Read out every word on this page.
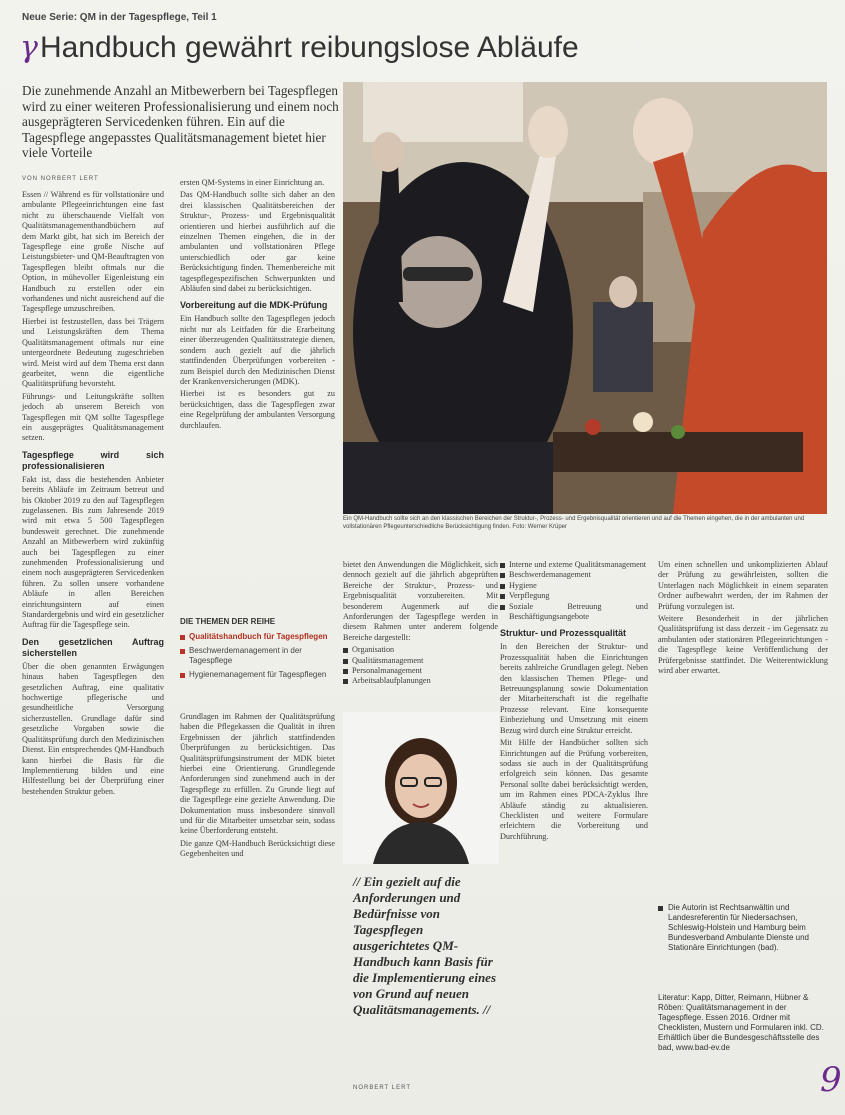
Neue Serie: QM in der Tagespflege, Teil 1
γHandbuch gewährt reibungslose Abläufe
Die zunehmende Anzahl an Mitbewerbern bei Tagespflegen wird zu einer weiteren Professionalisierung und einem noch ausgeprägteren Servicedenken führen. Ein auf die Tagespflege angepasstes Qualitätsmanagement bietet hier viele Vorteile
VON NORBERT LERT
Ein QM-Handbuch sollte sich an den klassischen Bereichen der Struktur-, Prozess- und Ergebnisqualität orientieren und auf die Themen eingehen, die in der ambulanten und vollstationären Pflegeunterschiedliche Berücksichtigung finden. Foto: Werner Krüper

Essen // Während es für vollstationäre und ambulante Pflegeeinrichtungen eine fast nicht zu überschauende Vielfalt von Qualitätsmanagementhandbüchern auf dem Markt gibt, hat sich im Bereich der Tagespflege eine große Nische auf Leistungsbieter- und QM-Beauftragten von Tagespflegen bleibt oftmals nur die Option, in mühevoller Eigenleistung ein Handbuch zu erstellen oder ein vorhandenes und nicht ausreichend auf die Tagespflege umzuschreiben.

Hierbei ist festzustellen, dass bei Trägern und Leistungskräften dem Thema Qualitätsmanagement oftmals nur eine untergeordnete Bedeutung zugeschrieben wird. Meist wird auf dem Thema erst dann gearbeitet, wenn die eigentliche Qualitätsprüfung bevorsteht.

Führungs- und Leitungskräfte sollten jedoch ab unserem Bereich von Tagespflegen mit QM sollte Tagespflege ein ausgeprägtes Qualitätsmanagement setzen.

Tagespflege wird sich professionalisieren

Fakt ist, dass die bestehenden Anbieter bereits Abläufe im Zeitraum betreut und bis Oktober 2019 zu den auf Tagespflegen zugelassenen. Bis zum Jahresende 2019 wird mit etwa 5 500 Tagespflegen bundesweit gerechnet. Die zunehmende Anzahl an Mitbewerbern wird zukünftig auch bei Tagespflegen zu einer zunehmenden Professionalisierung und einem noch ausgeprägteren Servicedenken führen. Zu sollen unsere vorhandene Abläufe in allen Bereichen einrichtungsintern auf einen Standardergebnis und wird ein gesetzlicher Auftrag für die Tagespflege sein.

Den gesetzlichen Auftrag sicherstellen

Über die oben genannten Erwägungen hinaus haben Tagespflegen den gesetzlichen Auftrag, eine qualitativ hochwertige pflegerische und gesundheitliche Versorgung sicherzustellen. Grundlage dafür sind gesetzliche Vorgaben sowie die Qualitätsprüfung durch den Medizinischen Dienst. Ein entsprechendes QM-Handbuch kann hierbei die Basis für die Implementierung bilden und eine Hilfestellung bei der Überprüfung einer bestehenden Struktur geben.

ersten QM-Systems in einer Einrichtung an.

Das QM-Handbuch sollte sich daher an den drei klassischen Qualitätsbereichen der Struktur-, Prozess- und Ergebnisqualität orientieren und hierbei ausführlich auf die einzelnen Themen eingehen, die in der ambulanten und vollstationären Pflege unterschiedlich oder gar keine Berücksichtigung finden. Themenbereiche mit tagespflegespezifischen Schwerpunkten und Abläufen sind dabei zu berücksichtigen.

Vorbereitung auf die MDK-Prüfung

Ein Handbuch sollte den Tagespflegen jedoch nicht nur als Leitfaden für die Erarbeitung einer überzeugenden Qualitätsstrategie dienen, sondern auch gezielt auf die jährlich stattfindenden Überprüfungen vorbereiten - zum Beispiel durch den Medizinischen Dienst der Krankenversicherungen (MDK).

Hierbei ist es besonders gut zu berücksichtigen, dass die Tagespflegen zwar eine Regelprüfung der ambulanten Versorgung durchlaufen.

DIE THEMEN DER REIHE
Qualitätshandbuch für Tagespflegen
Beschwerdemanagement in der Tagespflege
Hygienemanagement für Tagespflegen

Grundlagen im Rahmen der Qualitätsprüfung haben die Pflegekassen die Qualität in ihren Ergebnissen der jährlich stattfindenden Überprüfungen zu berücksichtigen. Das Qualitätsprüfungsinstrument der MDK bietet hierbei eine Orientierung. Grundlegende Anforderungen sind zunehmend auch in der Tagespflege zu erfüllen. Zu Grunde liegt auf die Tagespflege eine gezielte Anwendung. Die Dokumentation muss insbesondere sinnvoll und für die Mitarbeiter umsetzbar sein, sodass keine Überforderung entsteht.

Die ganze QM-Handbuch Berücksichtigt diese Gegebenheiten und

bietet den Anwendungen die Möglichkeit, sich dennoch gezielt auf die jährlich abgeprüften Bereiche der Struktur-, Prozess- und Ergebnisqualität vorzubereiten. Mit besonderem Augenmerk auf die Anforderungen der Tagespflege werden in diesem Rahmen unter anderem folgende Bereiche dargestellt:

Organisation
Qualitätsmanagement
Personalmanagement
Arbeitsablaufplanungen
// Ein gezielt auf die Anforderungen und Bedürfnisse von Tagespflegen ausgerichtetes QM-Handbuch kann Basis für die Implementierung eines von Grund auf neuen Qualitätsmanagements. //
NORBERT LERT
Interne und externe Qualitätsmanagement
Beschwerdemanagement
Hygiene
Verpflegung
Soziale Betreuung und Beschäftigungsangebote
Struktur- und Prozessqualität

In den Bereichen der Struktur- und Prozessqualität haben die Einrichtungen bereits zahlreiche Grundlagen gelegt. Neben den klassischen Themen Pflege- und Betreuungsplanung sowie Dokumentation der Mitarbeiterschaft ist die regelhafte Prozesse relevant. Eine konsequente Einbeziehung und Umsetzung mit einem Bezug wird durch eine Struktur erreicht.

Mit Hilfe der Handbücher sollten sich Einrichtungen auf die Prüfung vorbereiten, sodass sie auch in der Qualitätsprüfung erfolgreich sein können. Das gesamte Personal sollte dabei berücksichtigt werden, um im Rahmen eines PDCA-Zyklus Ihre Abläufe ständig zu aktualisieren. Checklisten und weitere Formulare erleichtern die Vorbereitung und Durchführung.

Um einen schnellen und unkomplizierten Ablauf der Prüfung zu gewährleisten, sollten die Unterlagen nach Möglichkeit in einem separaten Ordner aufbewahrt werden, der im Rahmen der Prüfung vorzulegen ist.

Weitere Besonderheit in der jährlichen Qualitätsprüfung ist dass derzeit - im Gegensatz zu ambulanten oder stationären Pflegeeinrichtungen - die Tagespflege keine Veröffentlichung der Prüfergebnisse stattfindet. Die Weiterentwicklung wird aber erwartet.

Die Autorin ist Rechtsanwältin und Landesreferentin für Niedersachsen, Schleswig-Holstein und Hamburg beim Bundesverband Ambulante Dienste und Stationäre Einrichtungen (bad).
Literatur: Kapp, Ditter, Reimann, Hübner & Röben: Qualitätsmanagement in der Tagespflege. Essen 2016. Ordner mit Checklisten, Mustern und Formularen inkl. CD. Erhältlich über die Bundesgeschäftsstelle des bad, www.bad-ev.de
9
